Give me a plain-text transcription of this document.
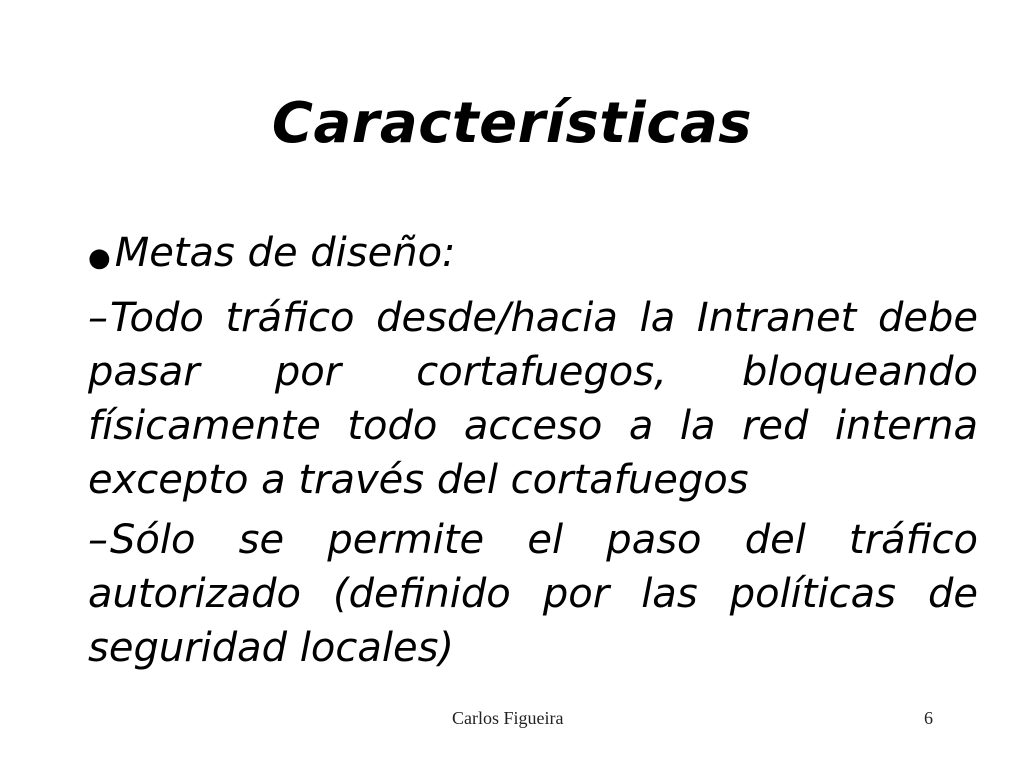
Características
● Metas de diseño:
–Todo tráfico desde/hacia la Intranet debe pasar por cortafuegos, bloqueando físicamente todo acceso a la red interna excepto a través del cortafuegos
–Sólo se permite el paso del tráfico autorizado (definido por las políticas de seguridad locales)
Carlos Figueira	6
